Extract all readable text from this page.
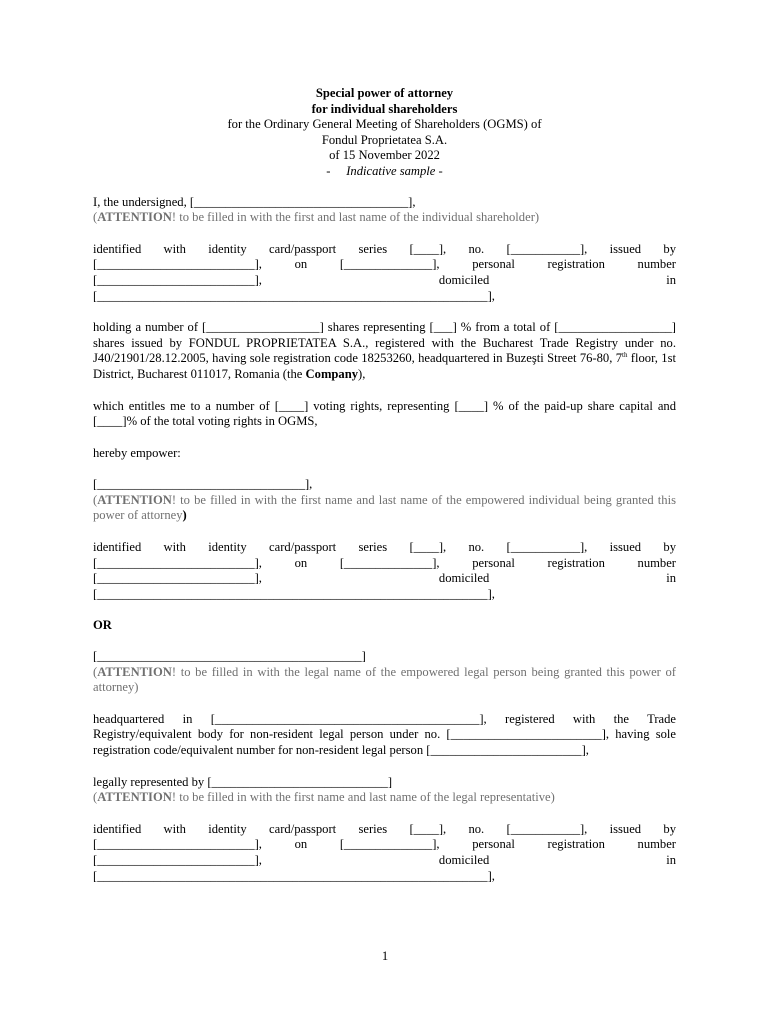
Special power of attorney
for individual shareholders
for the Ordinary General Meeting of Shareholders (OGMS) of
Fondul Proprietatea S.A.
of 15 November 2022
- Indicative sample -

I, the undersigned, [__________________________________],

(ATTENTION! to be filled in with the first and last name of the individual shareholder)

identified with identity card/passport series [____], no. [___________], issued by

[_________________________], on [______________], personal registration number

[_________________________], domiciled in

[______________________________________________________________],

holding a number of [__________________] shares representing [___] % from a total of [__________________] shares issued by FONDUL PROPRIETATEA S.A., registered with the Bucharest Trade Registry under no. J40/21901/28.12.2005, having sole registration code 18253260, headquartered in Buzeşti Street 76-80, 7th floor, 1st District, Bucharest 011017, Romania (the Company),

which entitles me to a number of [____] voting rights, representing [____] % of the paid-up share capital and [____]% of the total voting rights in OGMS,

hereby empower:

[_________________________________],

(ATTENTION! to be filled in with the first name and last name of the empowered individual being granted this power of attorney)

identified with identity card/passport series [____], no. [___________], issued by

[_________________________], on [______________], personal registration number

[_________________________], domiciled in

[______________________________________________________________],

OR

[__________________________________________]

(ATTENTION! to be filled in with the legal name of the empowered legal person being granted this power of attorney)

headquartered in [__________________________________________], registered with the Trade Registry/equivalent body for non-resident legal person under no. [________________________], having sole registration code/equivalent number for non-resident legal person [________________________],

legally represented by [____________________________]

(ATTENTION! to be filled in with the first name and last name of the legal representative)

identified with identity card/passport series [____], no. [___________], issued by

[_________________________], on [______________], personal registration number

[_________________________], domiciled in

[______________________________________________________________],

1
